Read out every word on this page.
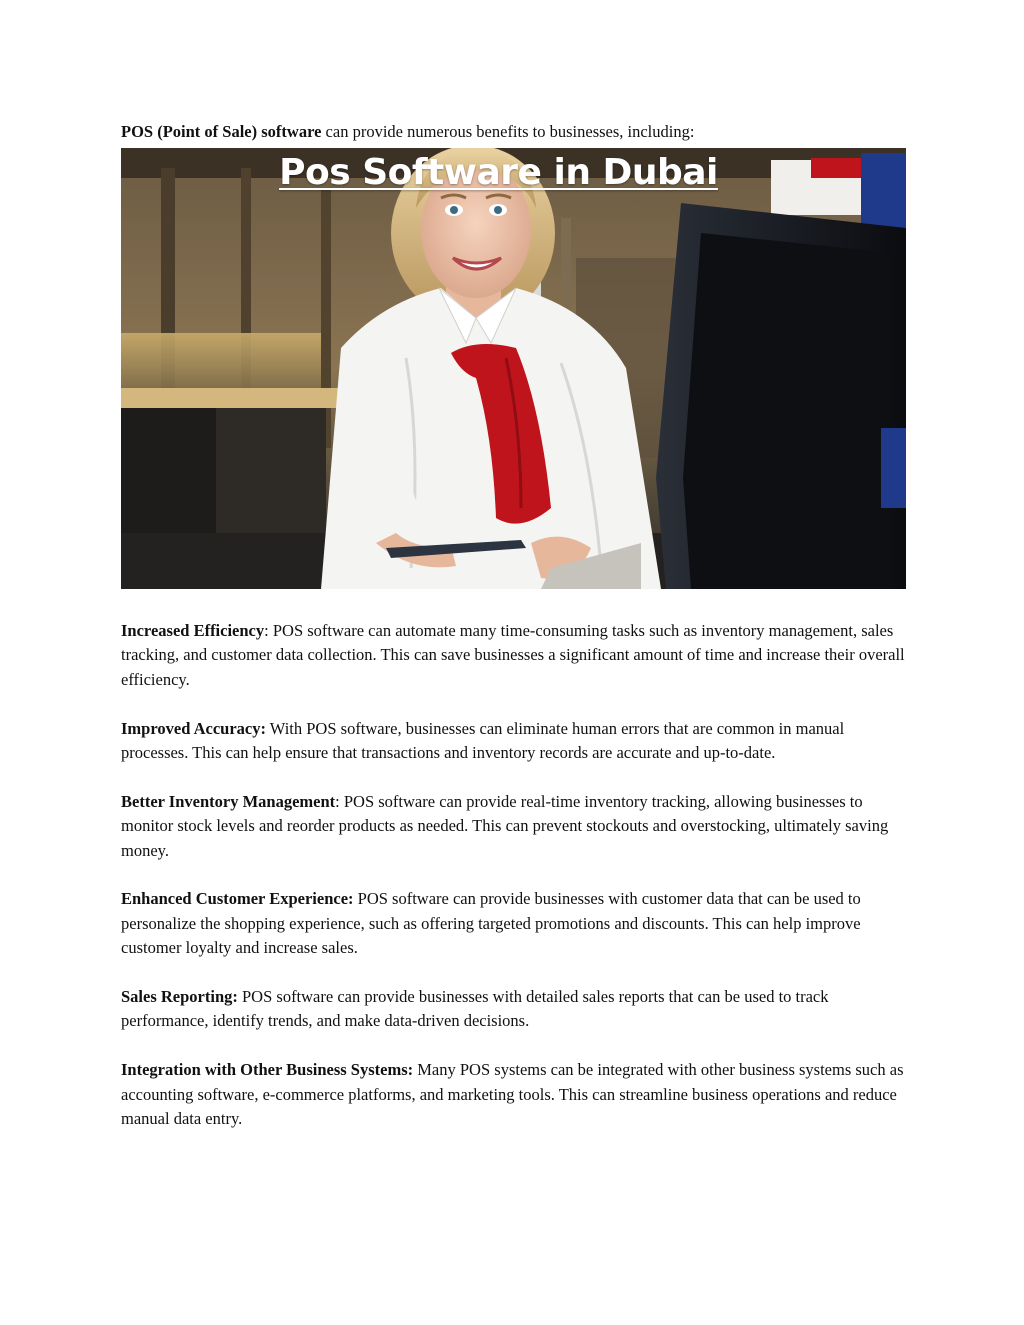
POS (Point of Sale) software can provide numerous benefits to businesses, including:

Pos Software in Dubai

Increased Efficiency: POS software can automate many time-consuming tasks such as inventory management, sales tracking, and customer data collection. This can save businesses a significant amount of time and increase their overall efficiency.

Improved Accuracy: With POS software, businesses can eliminate human errors that are common in manual processes. This can help ensure that transactions and inventory records are accurate and up-to-date.

Better Inventory Management: POS software can provide real-time inventory tracking, allowing businesses to monitor stock levels and reorder products as needed. This can prevent stockouts and overstocking, ultimately saving money.

Enhanced Customer Experience: POS software can provide businesses with customer data that can be used to personalize the shopping experience, such as offering targeted promotions and discounts. This can help improve customer loyalty and increase sales.

Sales Reporting: POS software can provide businesses with detailed sales reports that can be used to track performance, identify trends, and make data-driven decisions.

Integration with Other Business Systems: Many POS systems can be integrated with other business systems such as accounting software, e-commerce platforms, and marketing tools. This can streamline business operations and reduce manual data entry.
